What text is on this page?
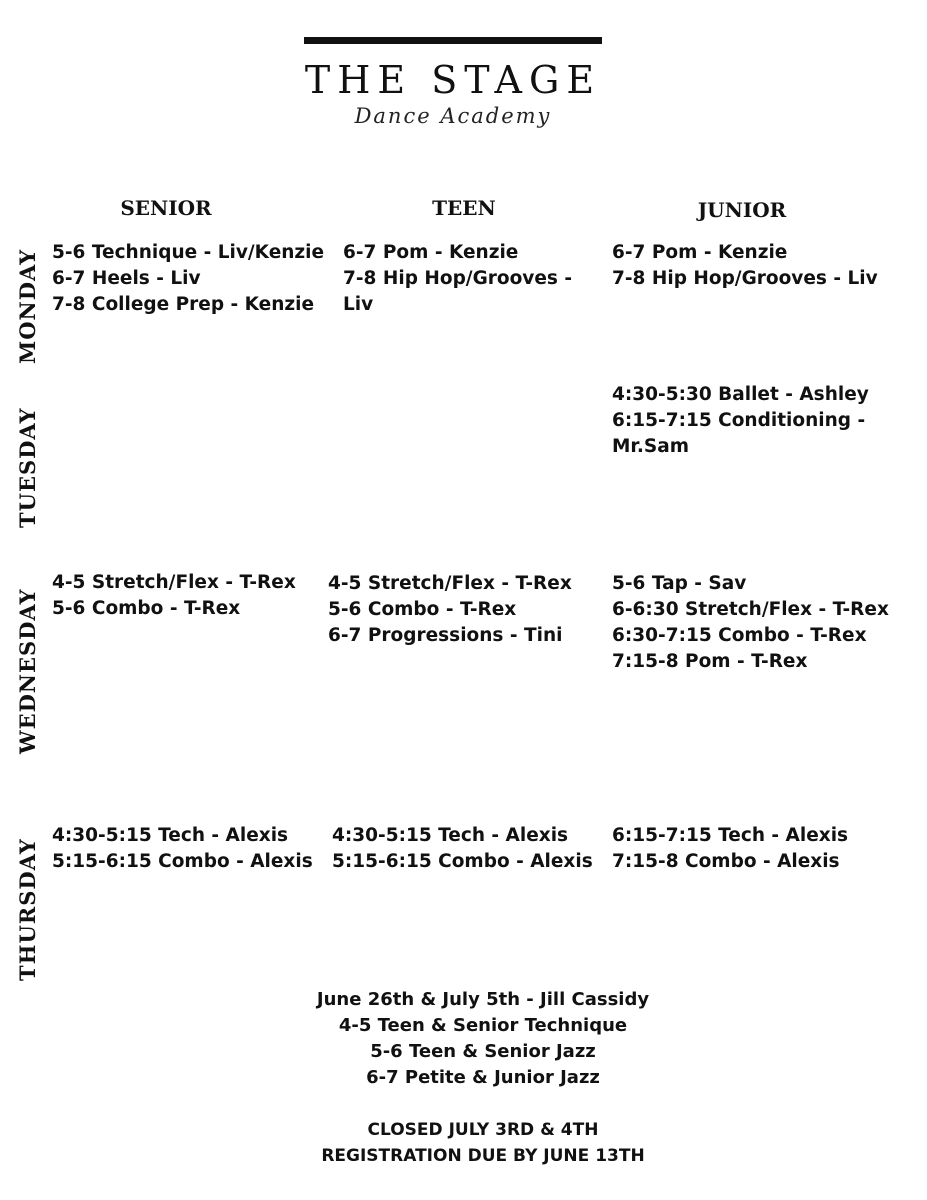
THE STAGE
Dance Academy
SENIOR	TEEN	JUNIOR
MONDAY 5-6 Technique - Liv/Kenzie
6-7 Heels - Liv
7-8 College Prep - Kenzie
6-7 Pom - Kenzie
7-8 Hip Hop/Grooves -
Liv
6-7 Pom - Kenzie
7-8 Hip Hop/Grooves - Liv
TUESDAY
4:30-5:30 Ballet - Ashley
6:15-7:15 Conditioning -
Mr.Sam
WEDNESDAY
4-5 Stretch/Flex - T-Rex
5-6 Combo - T-Rex
4-5 Stretch/Flex - T-Rex
5-6 Combo - T-Rex
6-7 Progressions - Tini
5-6 Tap - Sav
6-6:30 Stretch/Flex - T-Rex
6:30-7:15 Combo - T-Rex
7:15-8 Pom - T-Rex
THURSDAY
4:30-5:15 Tech - Alexis
5:15-6:15 Combo - Alexis
4:30-5:15 Tech - Alexis
5:15-6:15 Combo - Alexis
6:15-7:15 Tech - Alexis
7:15-8 Combo - Alexis
June 26th & July 5th - Jill Cassidy
4-5 Teen & Senior Technique
5-6 Teen & Senior Jazz
6-7 Petite & Junior Jazz
CLOSED JULY 3RD & 4TH
REGISTRATION DUE BY JUNE 13TH
